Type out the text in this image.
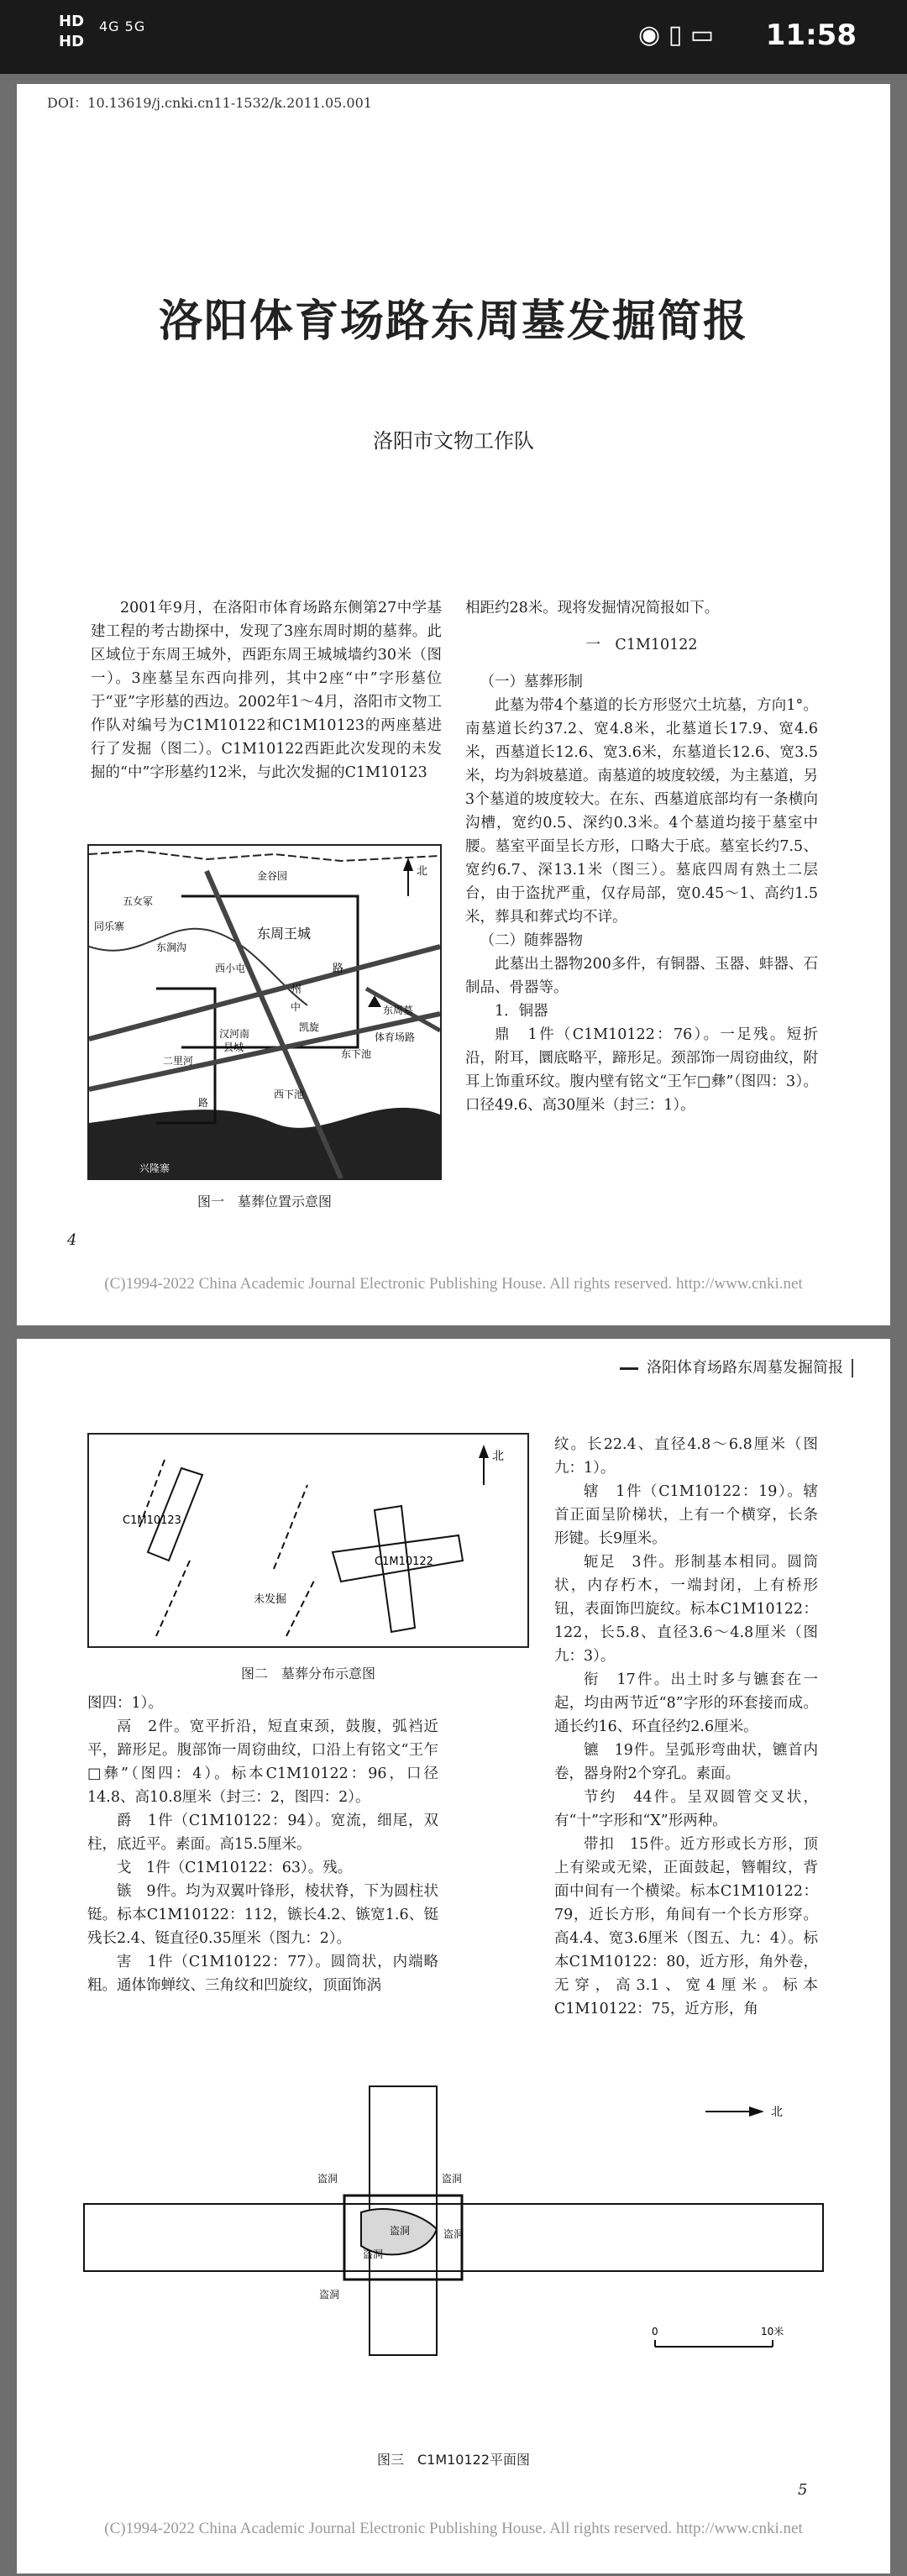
HD
HD
4G 5G	◉ ▯ ▭ 11:58
DOI：10.13619/j.cnki.cn11-1532/k.2011.05.001
洛阳体育场路东周墓发掘简报
洛阳市文物工作队

2001年9月，在洛阳市体育场路东侧第27中学基建工程的考古勘探中，发现了3座东周时期的墓葬。此区域位于东周王城外，西距东周王城城墙约30米（图一）。3座墓呈东西向排列，其中2座“中”字形墓位于“亚”字形墓的西边。2002年1～4月，洛阳市文物工作队对编号为C1M10122和C1M10123的两座墓进行了发掘（图二）。C1M10122西距此次发现的未发掘的“中”字形墓约12米，与此次发掘的C1M10123

北
金谷园
五女冢
同乐寨
东涧沟
西小屯
东周王城
州
路
凯旋
东周墓
汉河南
县城
体育场路
东下池
中
西下池
二里河
路
兴隆寨
图一　墓葬位置示意图

相距约28米。现将发掘情况简报如下。

一　C1M10122

（一）墓葬形制

此墓为带4个墓道的长方形竖穴土坑墓，方向1°。南墓道长约37.2、宽4.8米，北墓道长17.9、宽4.6米，西墓道长12.6、宽3.6米，东墓道长12.6、宽3.5米，均为斜坡墓道。南墓道的坡度较缓，为主墓道，另3个墓道的坡度较大。在东、西墓道底部均有一条横向沟槽，宽约0.5、深约0.3米。4个墓道均接于墓室中腰。墓室平面呈长方形，口略大于底。墓室长约7.5、宽约6.7、深13.1米（图三）。墓底四周有熟土二层台，由于盗扰严重，仅存局部，宽0.45～1、高约1.5米，葬具和葬式均不详。

（二）随葬器物

此墓出土器物200多件，有铜器、玉器、蚌器、石制品、骨器等。

1．铜器

鼎　1件（C1M10122：76）。一足残。短折沿，附耳，圜底略平，蹄形足。颈部饰一周窃曲纹，附耳上饰重环纹。腹内壁有铭文“王乍□彝”（图四：3）。口径49.6、高30厘米（封三：1）。

4
(C)1994-2022 China Academic Journal Electronic Publishing House. All rights reserved. http://www.cnki.net
洛阳体育场路东周墓发掘简报
北
C1M10123
未发掘
C1M10122
图二　墓葬分布示意图

图四：1）。

鬲　2件。宽平折沿，短直束颈，鼓腹，弧裆近平，蹄形足。腹部饰一周窃曲纹，口沿上有铭文“王乍□彝”（图四：4）。标本C1M10122：96，口径14.8、高10.8厘米（封三：2，图四：2）。

爵　1件（C1M10122：94）。宽流，细尾，双柱，底近平。素面。高15.5厘米。

戈　1件（C1M10122：63）。残。

镞　9件。均为双翼叶锋形，棱状脊，下为圆柱状铤。标本C1M10122：112，镞长4.2、镞宽1.6、铤残长2.4、铤直径0.35厘米（图九：2）。

害　1件（C1M10122：77）。圆筒状，内端略粗。通体饰蝉纹、三角纹和凹旋纹，顶面饰涡

纹。长22.4、直径4.8～6.8厘米（图九：1）。

辖　1件（C1M10122：19）。辖首正面呈阶梯状，上有一个横穿，长条形键。长9厘米。

轭足　3件。形制基本相同。圆筒状，内存朽木，一端封闭，上有桥形钮，表面饰凹旋纹。标本C1M10122：122，长5.8、直径3.6～4.8厘米（图九：3）。

衔　17件。出土时多与镳套在一起，均由两节近“8”字形的环套接而成。通长约16、环直径约2.6厘米。

镳　19件。呈弧形弯曲状，镳首内卷，器身附2个穿孔。素面。

节约　44件。呈双圆管交叉状，有“十”字形和“X”形两种。

带扣　15件。近方形或长方形，顶上有梁或无梁，正面鼓起，簪帽纹，背面中间有一个横梁。标本C1M10122：79，近长方形，角间有一个长方形穿。高4.4、宽3.6厘米（图五、九：4）。标本C1M10122：80，近方形，角外卷，无穿，高3.1、宽4厘米。标本C1M10122：75，近方形，角

北
盗洞	盗洞
盗洞	盗洞
盗洞
盗洞
0	10米
图三　C1M10122平面图
5
(C)1994-2022 China Academic Journal Electronic Publishing House. All rights reserved. http://www.cnki.net
